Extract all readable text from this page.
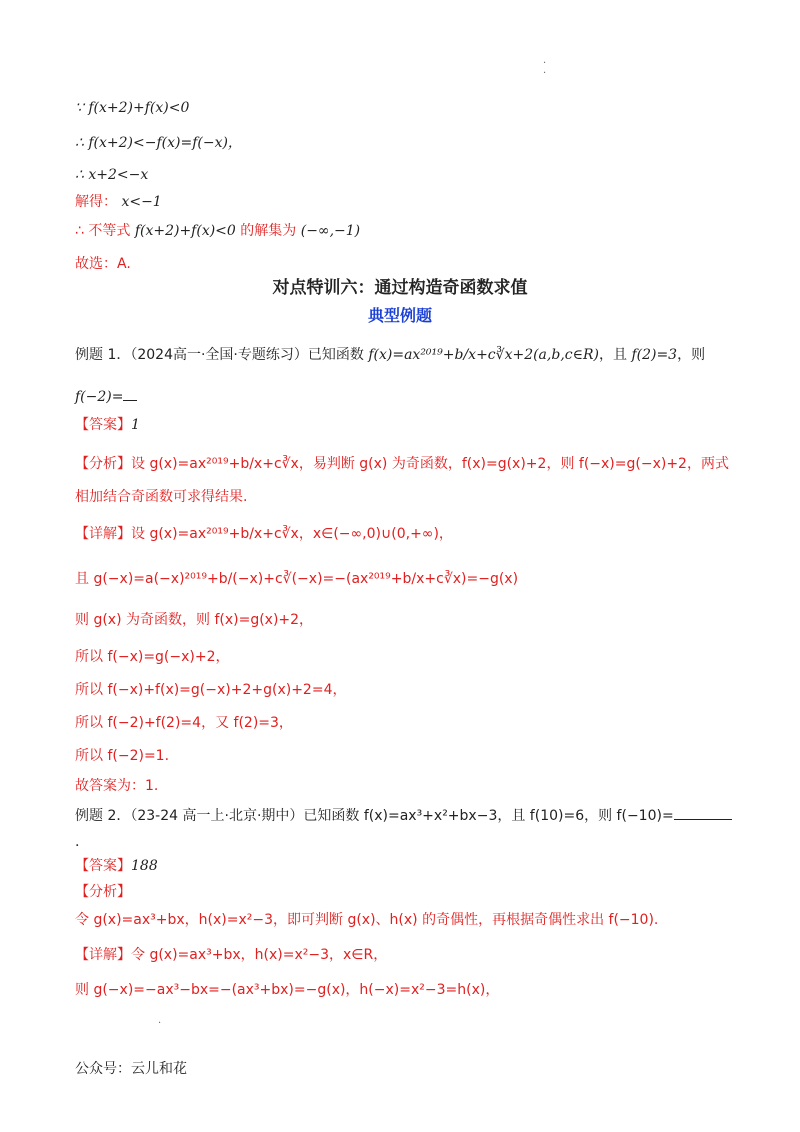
·
·
∵ f(x+2)+f(x)<0
∴ f(x+2)<−f(x)=f(−x)，
∴ x+2<−x
解得： x<−1
∴ 不等式 f(x+2)+f(x)<0 的解集为 (−∞,−1)
故选：A.
对点特训六：通过构造奇函数求值
典型例题
例题 1．（2024高一·全国·专题练习）已知函数 f(x)=ax²⁰¹⁹+b/x+c∛x+2(a,b,c∈R)，且 f(2)=3，则
f(−2)=
【答案】1
【分析】设 g(x)=ax²⁰¹⁹+b/x+c∛x，易判断 g(x) 为奇函数，f(x)=g(x)+2，则 f(−x)=g(−x)+2，两式
相加结合奇函数可求得结果.
【详解】设 g(x)=ax²⁰¹⁹+b/x+c∛x，x∈(−∞,0)∪(0,+∞)，
且 g(−x)=a(−x)²⁰¹⁹+b/(−x)+c∛(−x)=−(ax²⁰¹⁹+b/x+c∛x)=−g(x)
则 g(x) 为奇函数，则 f(x)=g(x)+2，
所以 f(−x)=g(−x)+2，
所以 f(−x)+f(x)=g(−x)+2+g(x)+2=4，
所以 f(−2)+f(2)=4，又 f(2)=3，
所以 f(−2)=1.
故答案为：1.
例题 2．（23-24 高一上·北京·期中）已知函数 f(x)=ax³+x²+bx−3，且 f(10)=6，则 f(−10)=
.
【答案】188
【分析】
令 g(x)=ax³+bx，h(x)=x²−3，即可判断 g(x)、h(x) 的奇偶性，再根据奇偶性求出 f(−10).
【详解】令 g(x)=ax³+bx，h(x)=x²−3，x∈R，
则 g(−x)=−ax³−bx=−(ax³+bx)=−g(x)，h(−x)=x²−3=h(x)，
·
公众号：云儿和花
